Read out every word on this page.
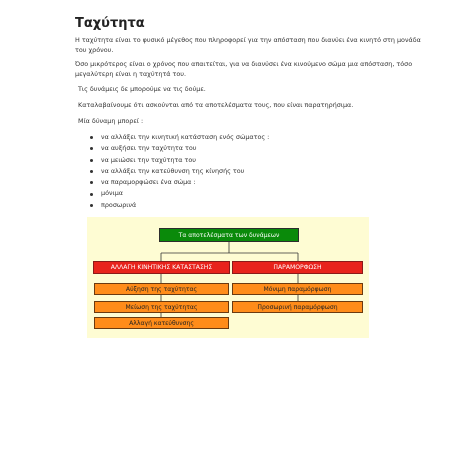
Ταχύτητα
Η ταχύτητα είναι το φυσικό μέγεθος που πληροφορεί για την απόσταση που διανύει ένα κινητό στη μονάδα του χρόνου.
Όσο μικρότερος είναι ο χρόνος που απαιτείται, για να διανύσει ένα κινούμενο σώμα μια απόσταση, τόσο μεγαλύτερη είναι η ταχύτητά του.
Τις δυνάμεις δε μπορούμε να τις δούμε.
Καταλαβαίνουμε ότι ασκούνται από τα αποτελέσματα τους, που είναι παρατηρήσιμα.
Μία δύναμη μπορεί :
να αλλάξει την κινητική κατάσταση ενός σώματος :
να αυξήσει την ταχύτητα του
να μειώσει την ταχύτητα του
να αλλάξει την κατεύθυνση της κίνησής του
να παραμορφώσει ένα σώμα :
μόνιμα
προσωρινά
Τα αποτελέσματα των δυνάμεων
ΑΛΛΑΓΗ ΚΙΝΗΤΙΚΗΣ ΚΑΤΑΣΤΑΣΗΣ	ΠΑΡΑΜΟΡΦΩΣΗ
Αύξηση της ταχύτητας
Μείωση της ταχύτητας
Αλλαγή κατεύθυνσης
Μόνιμη παραμόρφωση
Προσωρινή παραμόρφωση
